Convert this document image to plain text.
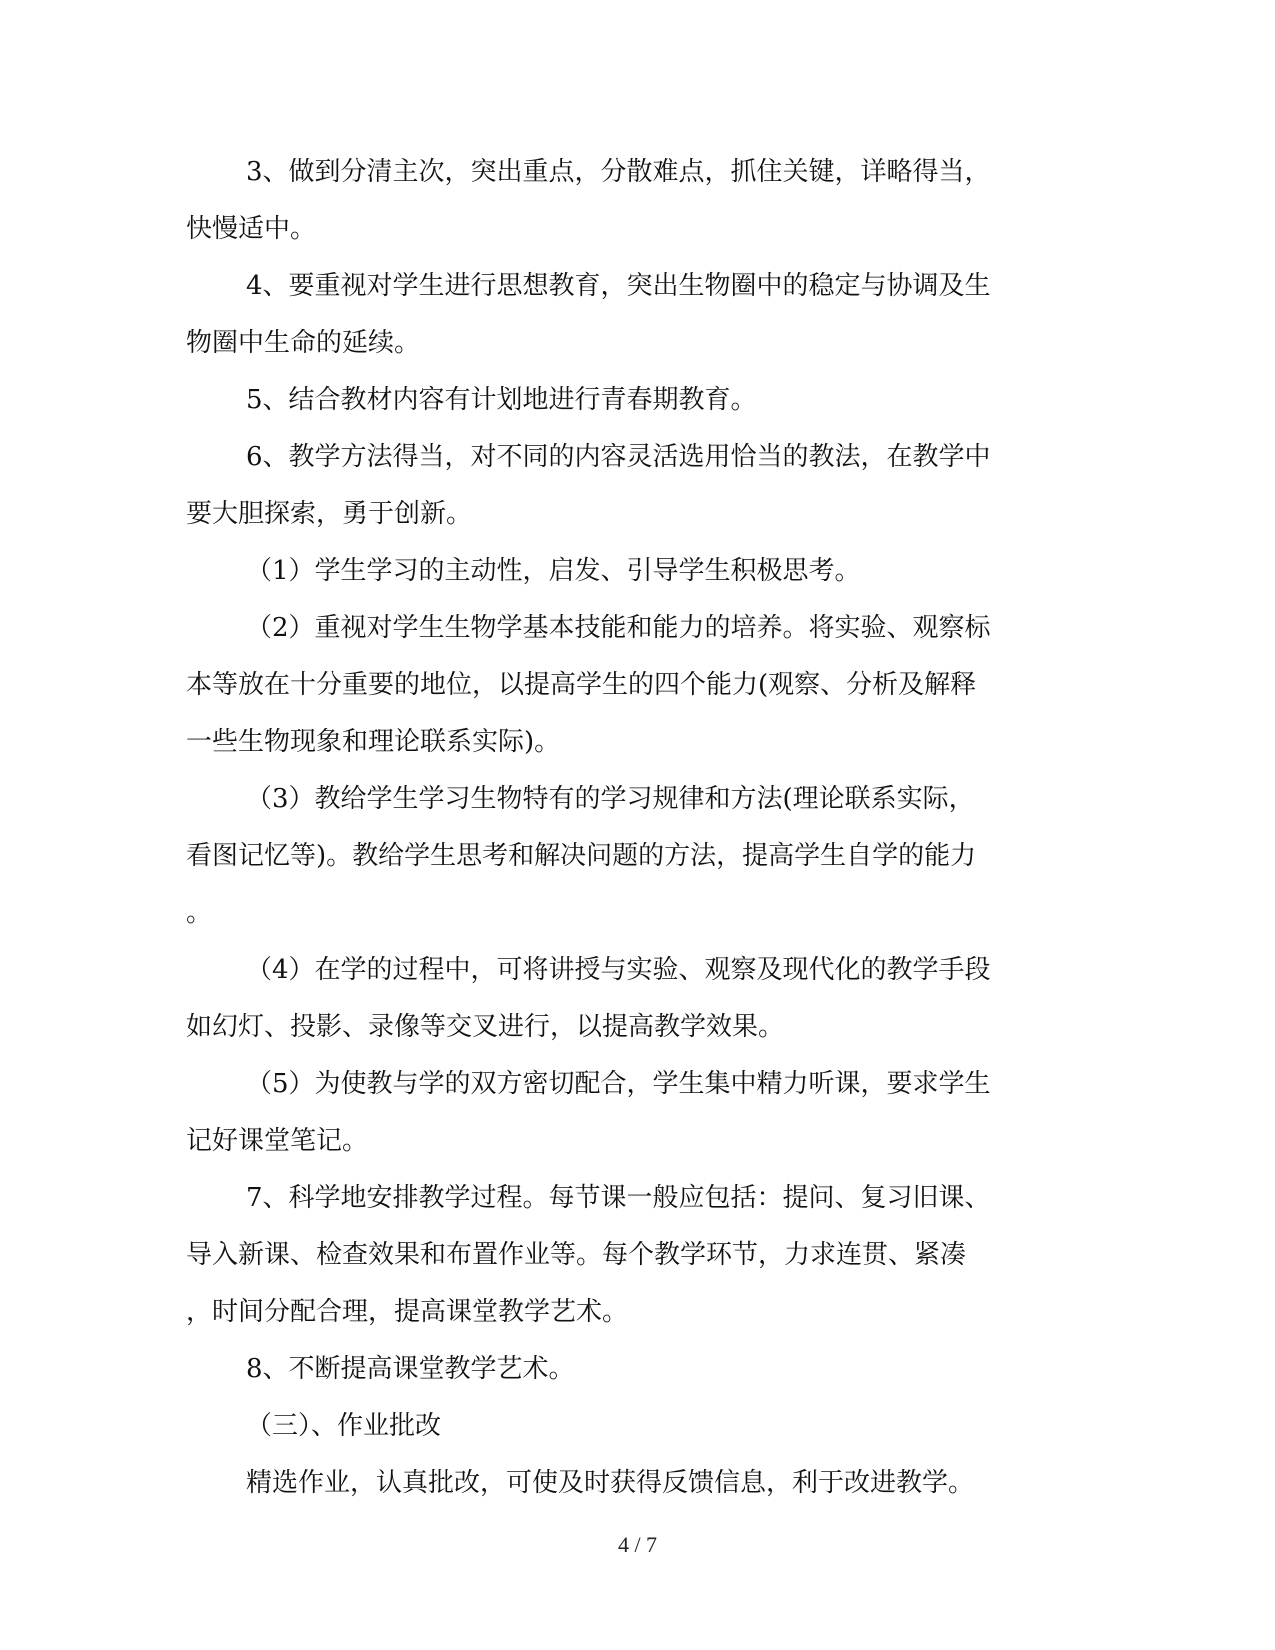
3、做到分清主次，突出重点，分散难点，抓住关键，详略得当，
快慢适中。

4、要重视对学生进行思想教育，突出生物圈中的稳定与协调及生
物圈中生命的延续。

5、结合教材内容有计划地进行青春期教育。

6、教学方法得当，对不同的内容灵活选用恰当的教法，在教学中
要大胆探索，勇于创新。

（1）学生学习的主动性，启发、引导学生积极思考。

（2）重视对学生生物学基本技能和能力的培养。将实验、观察标
本等放在十分重要的地位，以提高学生的四个能力(观察、分析及解释
一些生物现象和理论联系实际)。

（3）教给学生学习生物特有的学习规律和方法(理论联系实际，
看图记忆等)。教给学生思考和解决问题的方法，提高学生自学的能力
。

（4）在学的过程中，可将讲授与实验、观察及现代化的教学手段
如幻灯、投影、录像等交叉进行，以提高教学效果。

（5）为使教与学的双方密切配合，学生集中精力听课，要求学生
记好课堂笔记。

7、科学地安排教学过程。每节课一般应包括：提问、复习旧课、
导入新课、检查效果和布置作业等。每个教学环节，力求连贯、紧凑
，时间分配合理，提高课堂教学艺术。

8、不断提高课堂教学艺术。

（三）、作业批改

精选作业，认真批改，可使及时获得反馈信息，利于改进教学。

4 / 7
